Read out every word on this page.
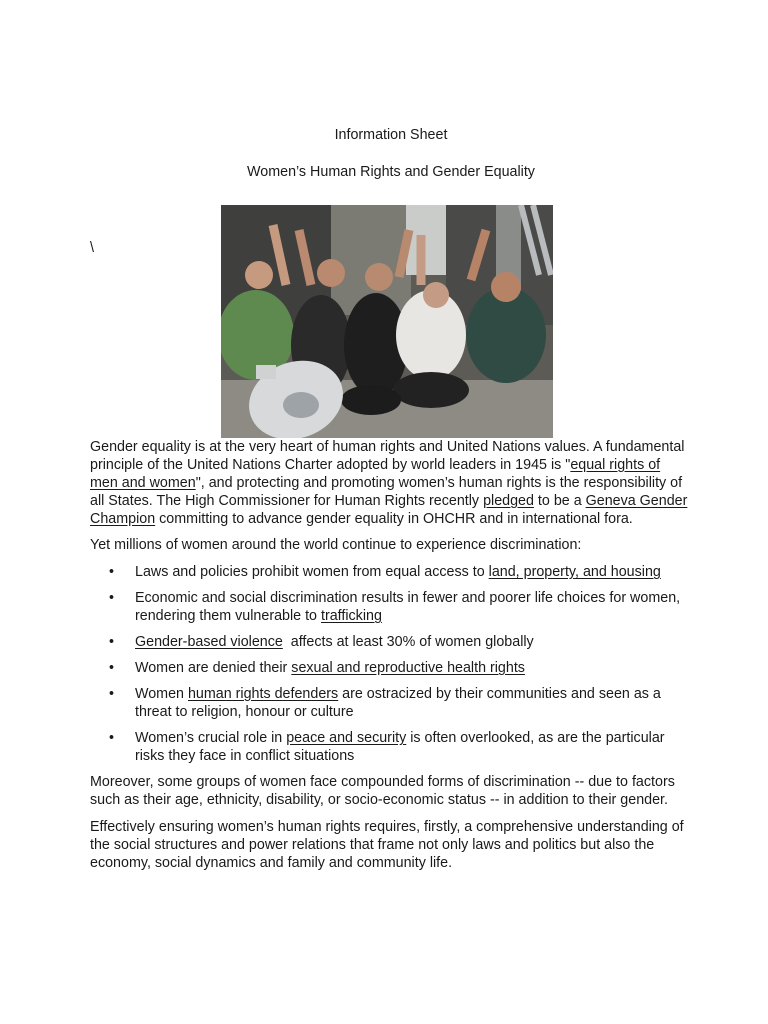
Information Sheet
Women’s Human Rights and Gender Equality
\

Gender equality is at the very heart of human rights and United Nations values. A fundamental principle of the United Nations Charter adopted by world leaders in 1945 is "equal rights of men and women", and protecting and promoting women’s human rights is the responsibility of all States. The High Commissioner for Human Rights recently pledged to be a Geneva Gender Champion committing to advance gender equality in OHCHR and in international fora.

Yet millions of women around the world continue to experience discrimination:

• Laws and policies prohibit women from equal access to land, property, and housing
• Economic and social discrimination results in fewer and poorer life choices for women, rendering them vulnerable to trafficking
• Gender-based violence  affects at least 30% of women globally
• Women are denied their sexual and reproductive health rights
• Women human rights defenders are ostracized by their communities and seen as a threat to religion, honour or culture
• Women’s crucial role in peace and security is often overlooked, as are the particular risks they face in conflict situations

Moreover, some groups of women face compounded forms of discrimination -- due to factors such as their age, ethnicity, disability, or socio-economic status -- in addition to their gender.

Effectively ensuring women’s human rights requires, firstly, a comprehensive understanding of the social structures and power relations that frame not only laws and politics but also the economy, social dynamics and family and community life.
